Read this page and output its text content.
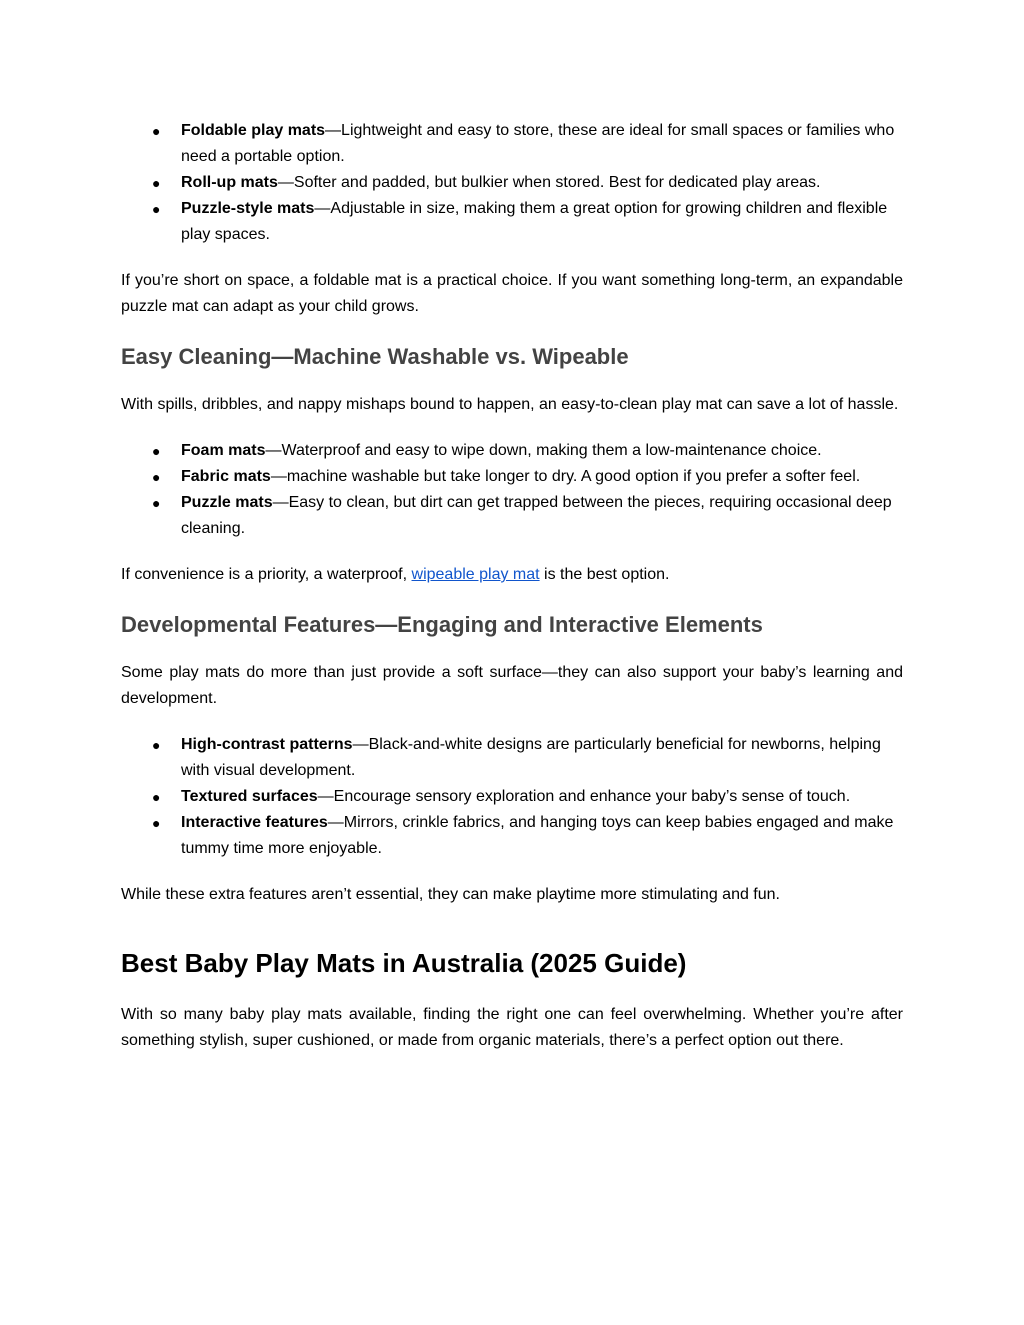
● Foldable play mats—Lightweight and easy to store, these are ideal for small spaces or families who need a portable option.
● Roll-up mats—Softer and padded, but bulkier when stored. Best for dedicated play areas.
● Puzzle-style mats—Adjustable in size, making them a great option for growing children and flexible play spaces.

If you’re short on space, a foldable mat is a practical choice. If you want something long-term, an expandable puzzle mat can adapt as your child grows.

Easy Cleaning—Machine Washable vs. Wipeable

With spills, dribbles, and nappy mishaps bound to happen, an easy-to-clean play mat can save a lot of hassle.

● Foam mats—Waterproof and easy to wipe down, making them a low-maintenance choice.
● Fabric mats—machine washable but take longer to dry. A good option if you prefer a softer feel.
● Puzzle mats—Easy to clean, but dirt can get trapped between the pieces, requiring occasional deep cleaning.

If convenience is a priority, a waterproof, wipeable play mat is the best option.

Developmental Features—Engaging and Interactive Elements

Some play mats do more than just provide a soft surface—they can also support your baby’s learning and development.

● High-contrast patterns—Black-and-white designs are particularly beneficial for newborns, helping with visual development.
● Textured surfaces—Encourage sensory exploration and enhance your baby’s sense of touch.
● Interactive features—Mirrors, crinkle fabrics, and hanging toys can keep babies engaged and make tummy time more enjoyable.

While these extra features aren’t essential, they can make playtime more stimulating and fun.

Best Baby Play Mats in Australia (2025 Guide)

With so many baby play mats available, finding the right one can feel overwhelming. Whether you’re after something stylish, super cushioned, or made from organic materials, there’s a perfect option out there.
